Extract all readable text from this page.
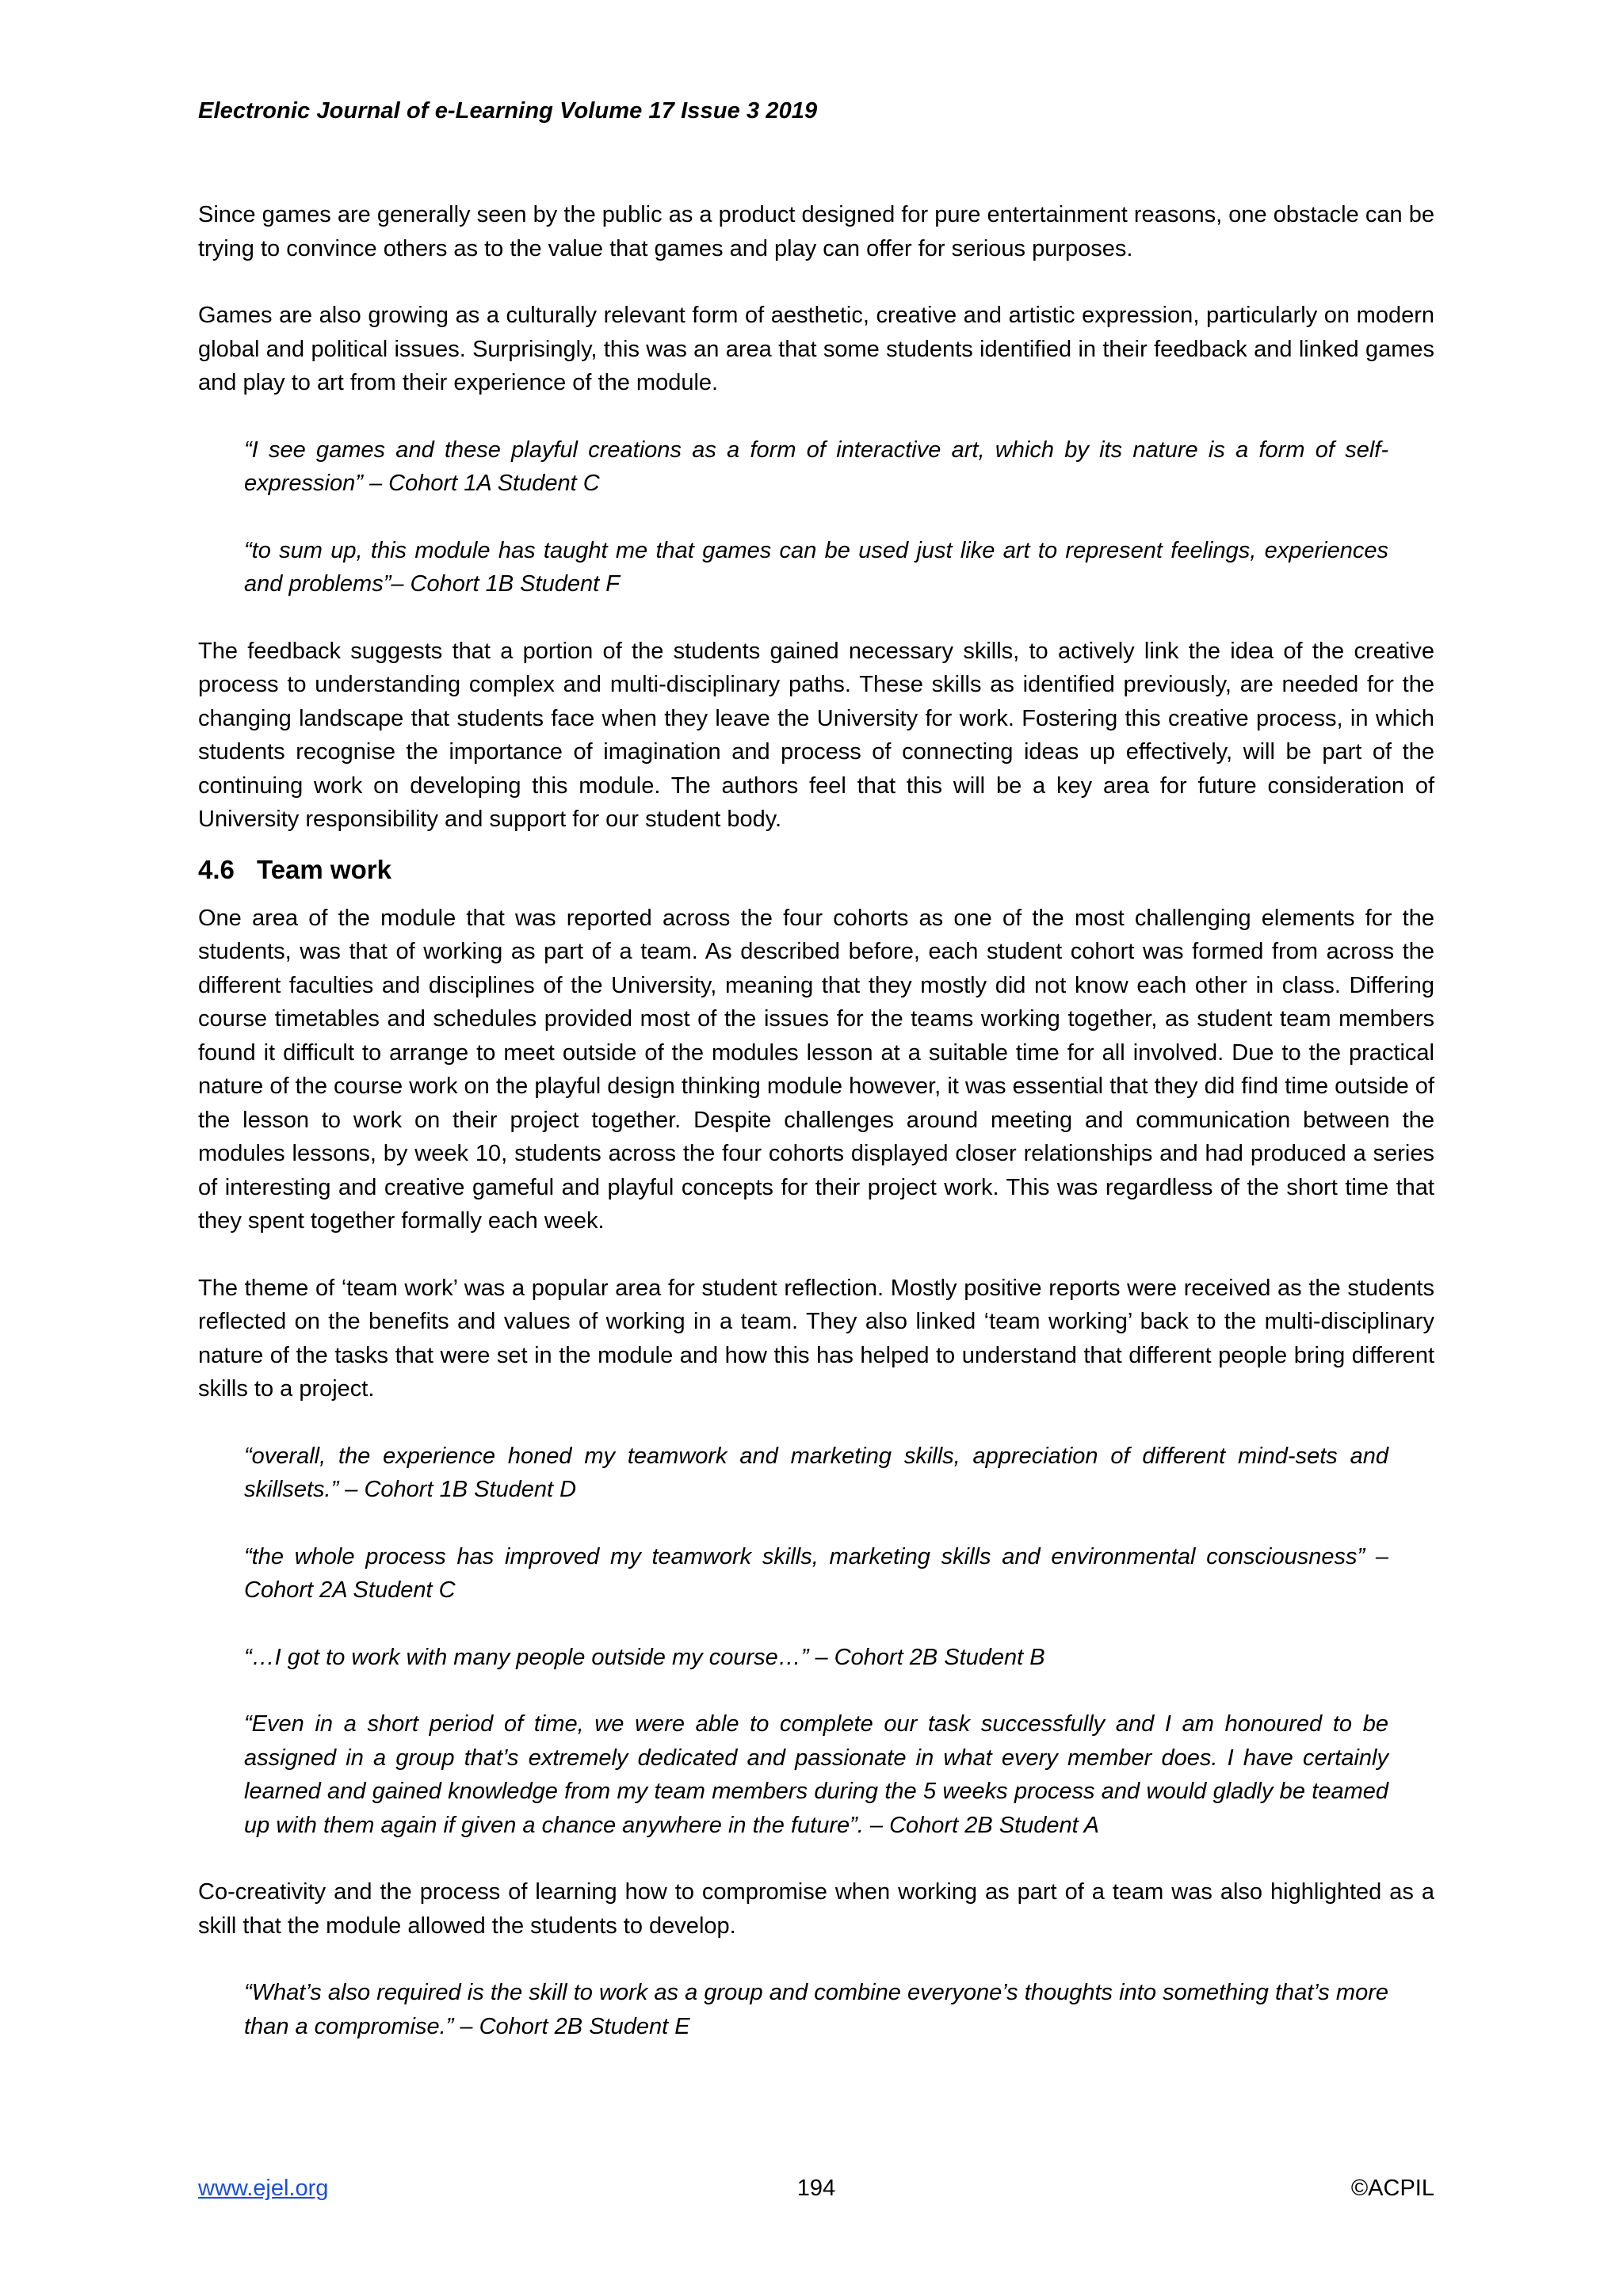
Electronic Journal of e-Learning Volume 17 Issue 3 2019

Since games are generally seen by the public as a product designed for pure entertainment reasons, one obstacle can be trying to convince others as to the value that games and play can offer for serious purposes.

Games are also growing as a culturally relevant form of aesthetic, creative and artistic expression, particularly on modern global and political issues. Surprisingly, this was an area that some students identified in their feedback and linked games and play to art from their experience of the module.

“I see games and these playful creations as a form of interactive art, which by its nature is a form of self-expression” – Cohort 1A Student C

“to sum up, this module has taught me that games can be used just like art to represent feelings, experiences and problems”– Cohort 1B Student F

The feedback suggests that a portion of the students gained necessary skills, to actively link the idea of the creative process to understanding complex and multi-disciplinary paths. These skills as identified previously, are needed for the changing landscape that students face when they leave the University for work. Fostering this creative process, in which students recognise the importance of imagination and process of connecting ideas up effectively, will be part of the continuing work on developing this module. The authors feel that this will be a key area for future consideration of University responsibility and support for our student body.

4.6 Team work

One area of the module that was reported across the four cohorts as one of the most challenging elements for the students, was that of working as part of a team. As described before, each student cohort was formed from across the different faculties and disciplines of the University, meaning that they mostly did not know each other in class. Differing course timetables and schedules provided most of the issues for the teams working together, as student team members found it difficult to arrange to meet outside of the modules lesson at a suitable time for all involved. Due to the practical nature of the course work on the playful design thinking module however, it was essential that they did find time outside of the lesson to work on their project together. Despite challenges around meeting and communication between the modules lessons, by week 10, students across the four cohorts displayed closer relationships and had produced a series of interesting and creative gameful and playful concepts for their project work. This was regardless of the short time that they spent together formally each week.

The theme of ‘team work’ was a popular area for student reflection. Mostly positive reports were received as the students reflected on the benefits and values of working in a team. They also linked ‘team working’ back to the multi-disciplinary nature of the tasks that were set in the module and how this has helped to understand that different people bring different skills to a project.

“overall, the experience honed my teamwork and marketing skills, appreciation of different mind-sets and skillsets.” – Cohort 1B Student D

“the whole process has improved my teamwork skills, marketing skills and environmental consciousness” – Cohort 2A Student C

“…I got to work with many people outside my course…” – Cohort 2B Student B

“Even in a short period of time, we were able to complete our task successfully and I am honoured to be assigned in a group that’s extremely dedicated and passionate in what every member does. I have certainly learned and gained knowledge from my team members during the 5 weeks process and would gladly be teamed up with them again if given a chance anywhere in the future”. – Cohort 2B Student A

Co-creativity and the process of learning how to compromise when working as part of a team was also highlighted as a skill that the module allowed the students to develop.

“What’s also required is the skill to work as a group and combine everyone’s thoughts into something that’s more than a compromise.” – Cohort 2B Student E

194
www.ejel.org	©ACPIL
